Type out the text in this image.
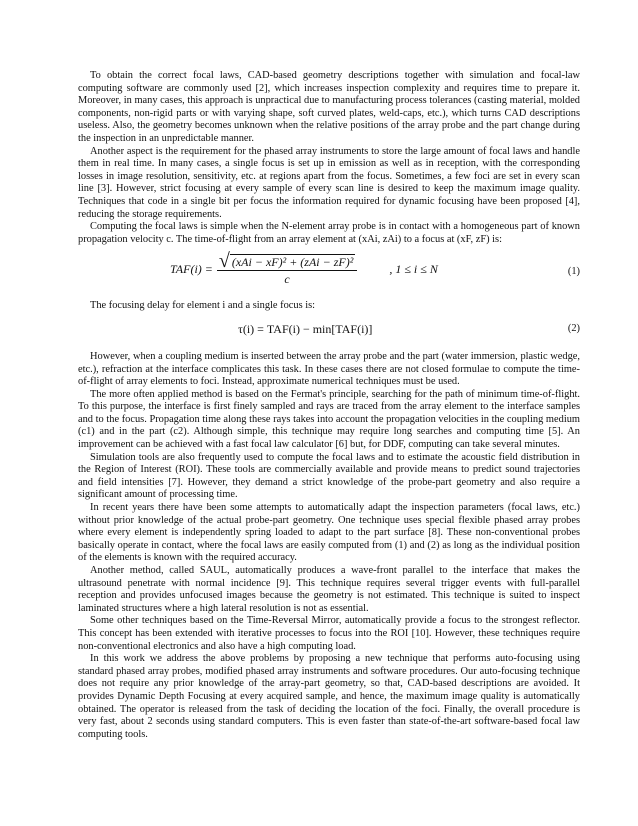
To obtain the correct focal laws, CAD-based geometry descriptions together with simulation and focal-law computing software are commonly used [2], which increases inspection complexity and requires time to prepare it. Moreover, in many cases, this approach is unpractical due to manufacturing process tolerances (casting material, molded components, non-rigid parts or with varying shape, soft curved plates, weld-caps, etc.), which turns CAD descriptions useless. Also, the geometry becomes unknown when the relative positions of the array probe and the part change during the inspection in an unpredictable manner.

Another aspect is the requirement for the phased array instruments to store the large amount of focal laws and handle them in real time. In many cases, a single focus is set up in emission as well as in reception, with the corresponding losses in image resolution, sensitivity, etc. at regions apart from the focus. Sometimes, a few foci are set in every scan line [3]. However, strict focusing at every sample of every scan line is desired to keep the maximum image quality. Techniques that code in a single bit per focus the information required for dynamic focusing have been proposed [4], reducing the storage requirements.

Computing the focal laws is simple when the N-element array probe is in contact with a homogeneous part of known propagation velocity c. The time-of-flight from an array element at (xAi, zAi) to a focus at (xF, zF) is:

$TAF(i) = \frac{\text{√ (xAi − xF)² + (zAi − zF)²}}{c}$	, 1 ≤ i ≤ N	(1)

The focusing delay for element i and a single focus is:

τ(i) = TAF(i) − min[TAF(i)]	(2)

However, when a coupling medium is inserted between the array probe and the part (water immersion, plastic wedge, etc.), refraction at the interface complicates this task. In these cases there are not closed formulae to compute the time-of-flight of array elements to foci. Instead, approximate numerical techniques must be used.

The more often applied method is based on the Fermat's principle, searching for the path of minimum time-of-flight. To this purpose, the interface is first finely sampled and rays are traced from the array element to the interface samples and to the focus. Propagation time along these rays takes into account the propagation velocities in the coupling medium (c1) and in the part (c2). Although simple, this technique may require long searches and computing time [5]. An improvement can be achieved with a fast focal law calculator [6] but, for DDF, computing can take several minutes.

Simulation tools are also frequently used to compute the focal laws and to estimate the acoustic field distribution in the Region of Interest (ROI). These tools are commercially available and provide means to predict sound trajectories and field intensities [7]. However, they demand a strict knowledge of the probe-part geometry and also require a significant amount of processing time.

In recent years there have been some attempts to automatically adapt the inspection parameters (focal laws, etc.) without prior knowledge of the actual probe-part geometry. One technique uses special flexible phased array probes where every element is independently spring loaded to adapt to the part surface [8]. These non-conventional probes basically operate in contact, where the focal laws are easily computed from (1) and (2) as long as the individual position of the elements is known with the required accuracy.

Another method, called SAUL, automatically produces a wave-front parallel to the interface that makes the ultrasound penetrate with normal incidence [9]. This technique requires several trigger events with full-parallel reception and provides unfocused images because the geometry is not estimated. This technique is suited to inspect laminated structures where a high lateral resolution is not as essential.

Some other techniques based on the Time-Reversal Mirror, automatically provide a focus to the strongest reflector. This concept has been extended with iterative processes to focus into the ROI [10]. However, these techniques require non-conventional electronics and also have a high computing load.

In this work we address the above problems by proposing a new technique that performs auto-focusing using standard phased array probes, modified phased array instruments and software procedures. Our auto-focusing technique does not require any prior knowledge of the array-part geometry, so that, CAD-based descriptions are avoided. It provides Dynamic Depth Focusing at every acquired sample, and hence, the maximum image quality is automatically obtained. The operator is released from the task of deciding the location of the foci. Finally, the overall procedure is very fast, about 2 seconds using standard computers. This is even faster than state-of-the-art software-based focal law computing tools.
